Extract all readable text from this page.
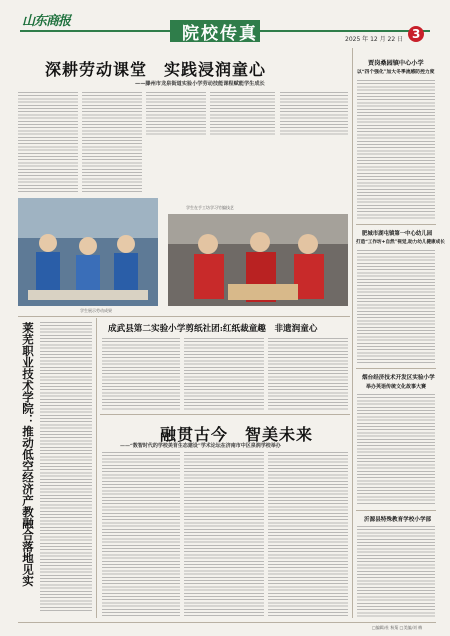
山东商报
院校传真	2025 年 12 月 22 日 3
深耕劳动课堂　实践浸润童心
——滕州市龙泉街道实验小学劳动技能课程赋能学生成长
学生展示劳动成果
学生在手工坊学习竹编技艺
莱芜职业技术学院：推动低空经济产教融合落地见实	成武县第二实验小学剪纸社团:红纸裁童趣　非遗润童心
融贯古今　智美未来
——“数智时代的学校美育生态建设”学术论坛在济南市中区泉润学校举办
贾岗桑园镇中心小学
以“四个强化”加大冬季流感防控力度
肥城市湖屯镇第一中心幼儿园
打造“工作坊+自然”视觉,助力幼儿健康成长
烟台经济技术开发区实验小学
举办英语传统文化故事大赛
沂源县特殊教育学校小学部
□编辑/杜 秋菊 □美编/刘 梅
